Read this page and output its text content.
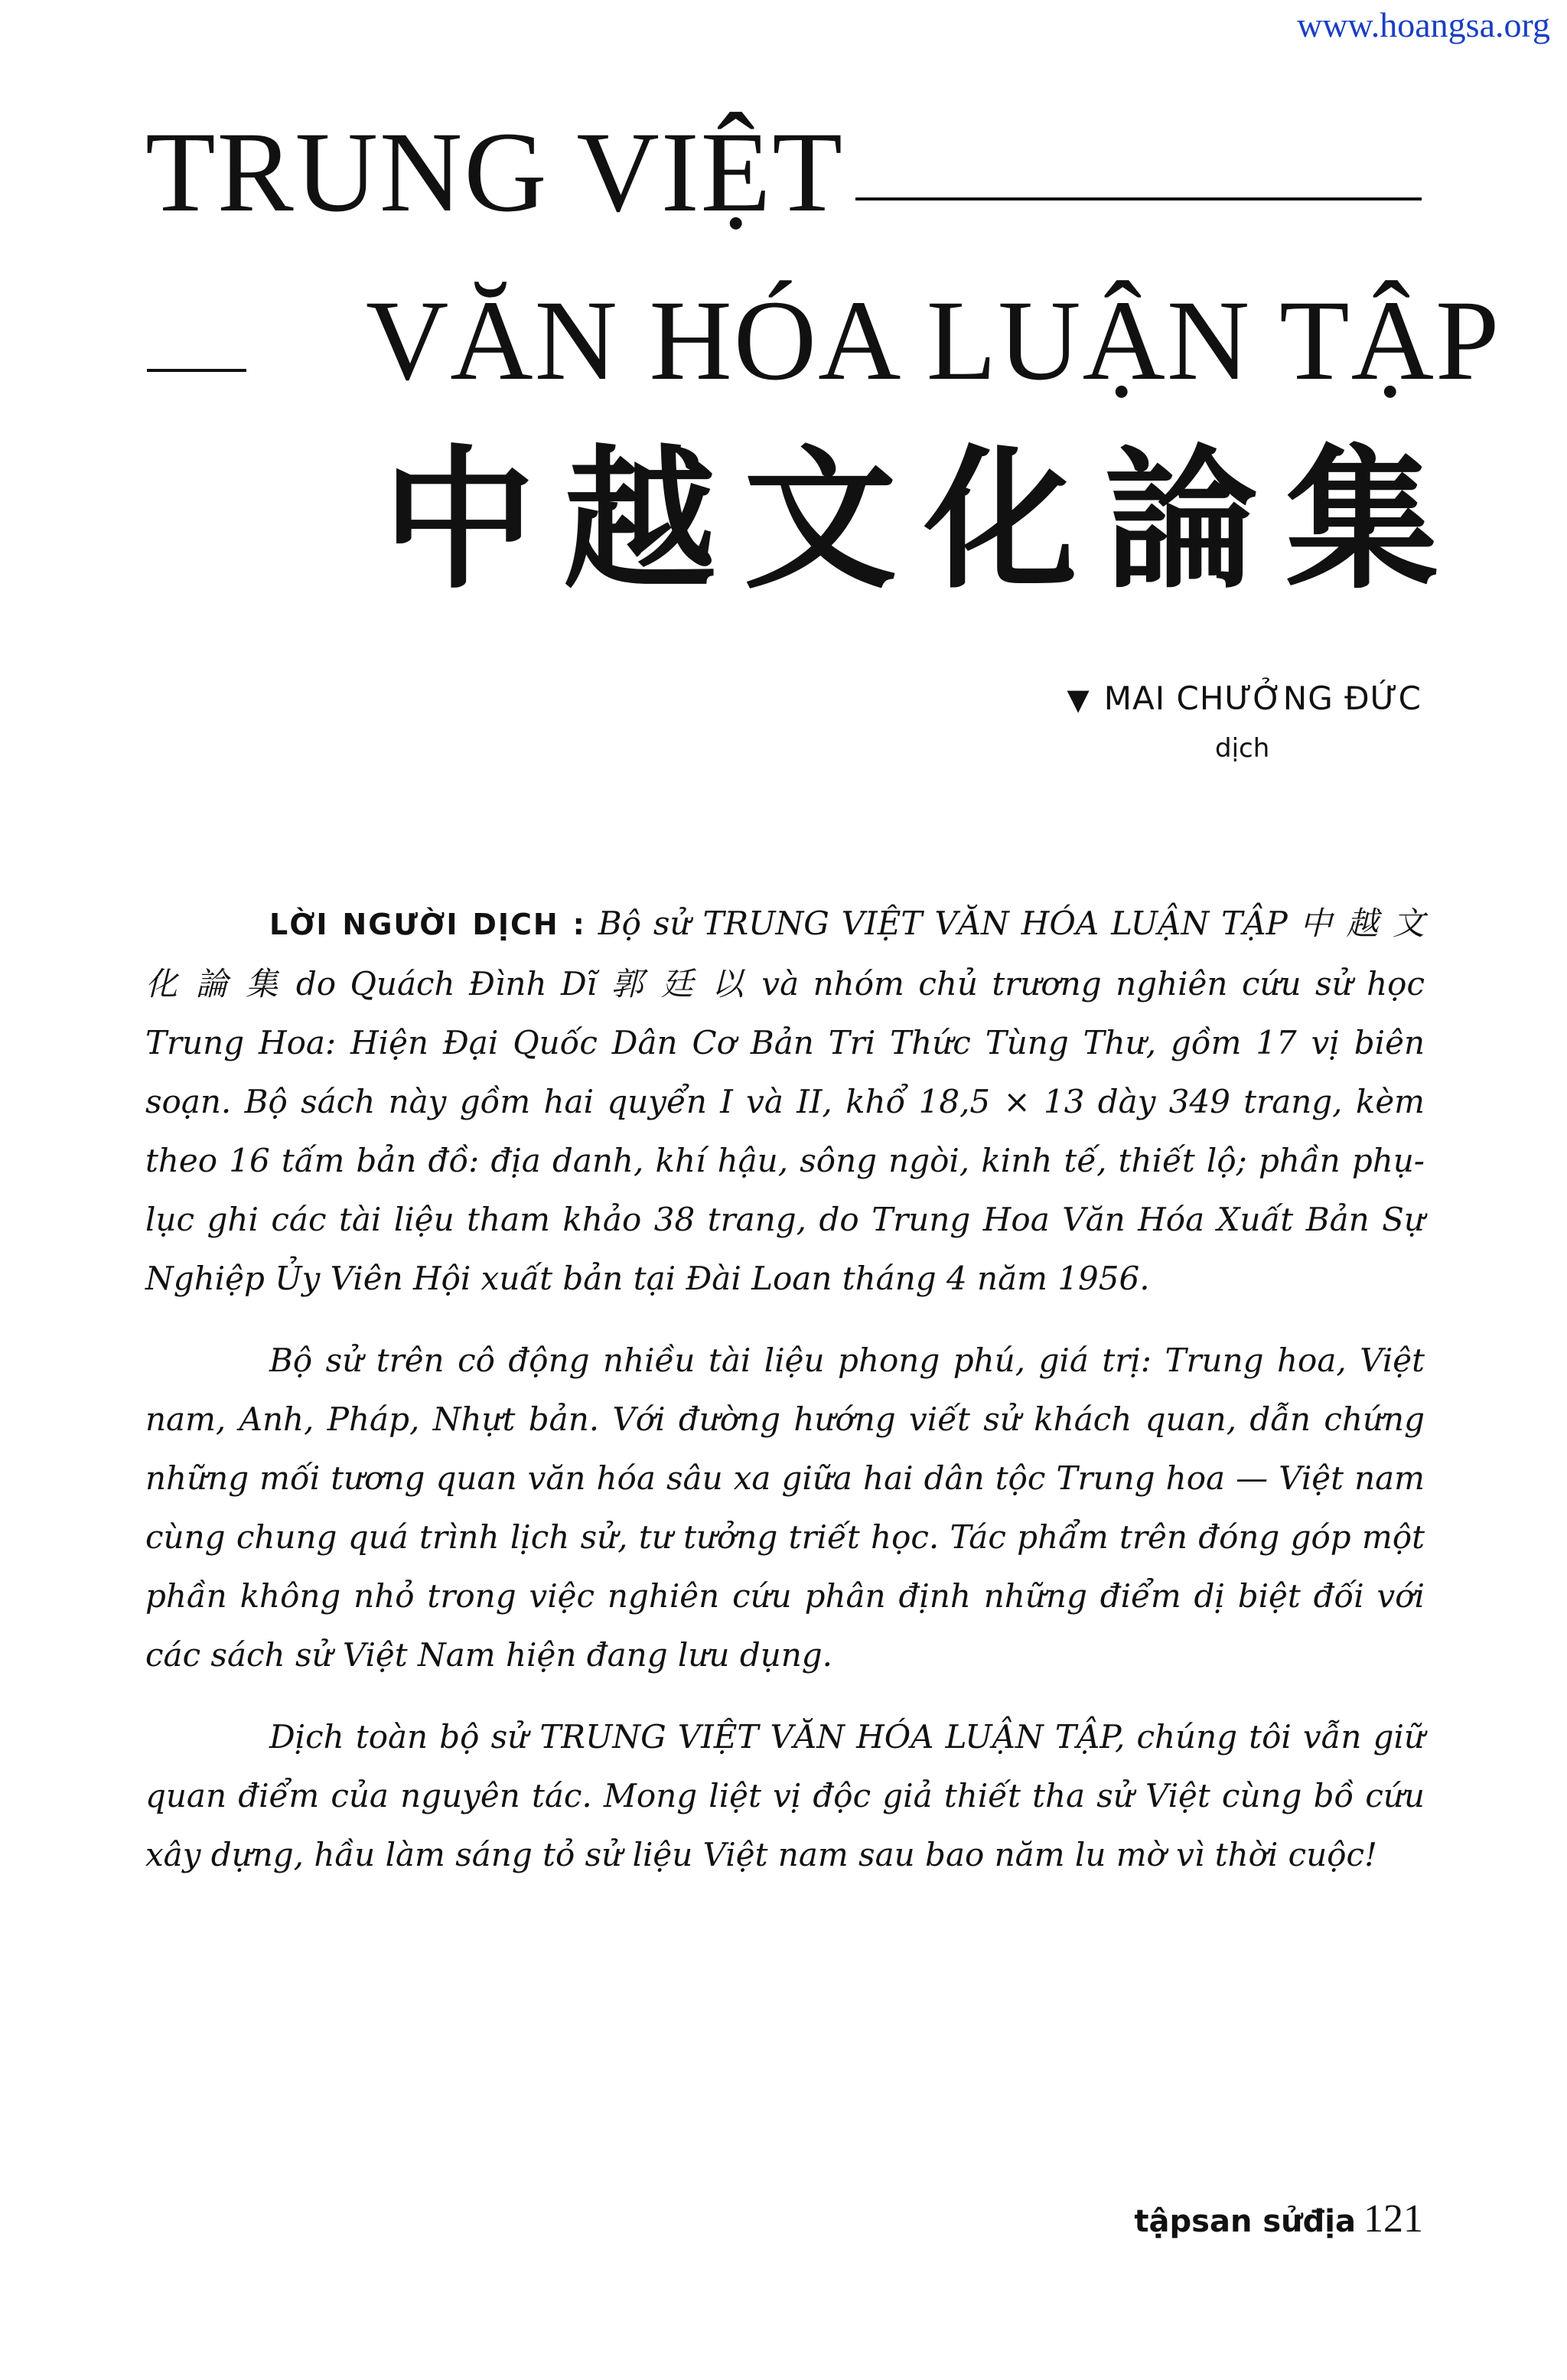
www.hoangsa.org
TRUNG VIỆT
VĂN HÓA LUẬN TẬP
中 越 文 化 論 集
▼ MAI CHƯỞNG ĐỨC
dịch

LỜI NGƯỜI DỊCH : Bộ sử TRUNG VIỆT VĂN HÓA LUẬN TẬP 中 越 文 化 論 集 do Quách Đình Dĩ 郭 廷 以 và nhóm chủ trương nghiên cứu sử học Trung Hoa: Hiện Đại Quốc Dân Cơ Bản Tri Thức Tùng Thư, gồm 17 vị biên soạn. Bộ sách này gồm hai quyển I và II, khổ 18,5 × 13 dày 349 trang, kèm theo 16 tấm bản đồ: địa danh, khí hậu, sông ngòi, kinh tế, thiết lộ; phần phụ-lục ghi các tài liệu tham khảo 38 trang, do Trung Hoa Văn Hóa Xuất Bản Sự Nghiệp Ủy Viên Hội xuất bản tại Đài Loan tháng 4 năm 1956.

Bộ sử trên cô động nhiều tài liệu phong phú, giá trị: Trung hoa, Việt nam, Anh, Pháp, Nhựt bản. Với đường hướng viết sử khách quan, dẫn chứng những mối tương quan văn hóa sâu xa giữa hai dân tộc Trung hoa — Việt nam cùng chung quá trình lịch sử, tư tưởng triết học. Tác phẩm trên đóng góp một phần không nhỏ trong việc nghiên cứu phân định những điểm dị biệt đối với các sách sử Việt Nam hiện đang lưu dụng.

Dịch toàn bộ sử TRUNG VIỆT VĂN HÓA LUẬN TẬP, chúng tôi vẫn giữ quan điểm của nguyên tác. Mong liệt vị độc giả thiết tha sử Việt cùng bồ cứu xây dựng, hầu làm sáng tỏ sử liệu Việt nam sau bao năm lu mờ vì thời cuộc!

tậpsan sửđịa 121
